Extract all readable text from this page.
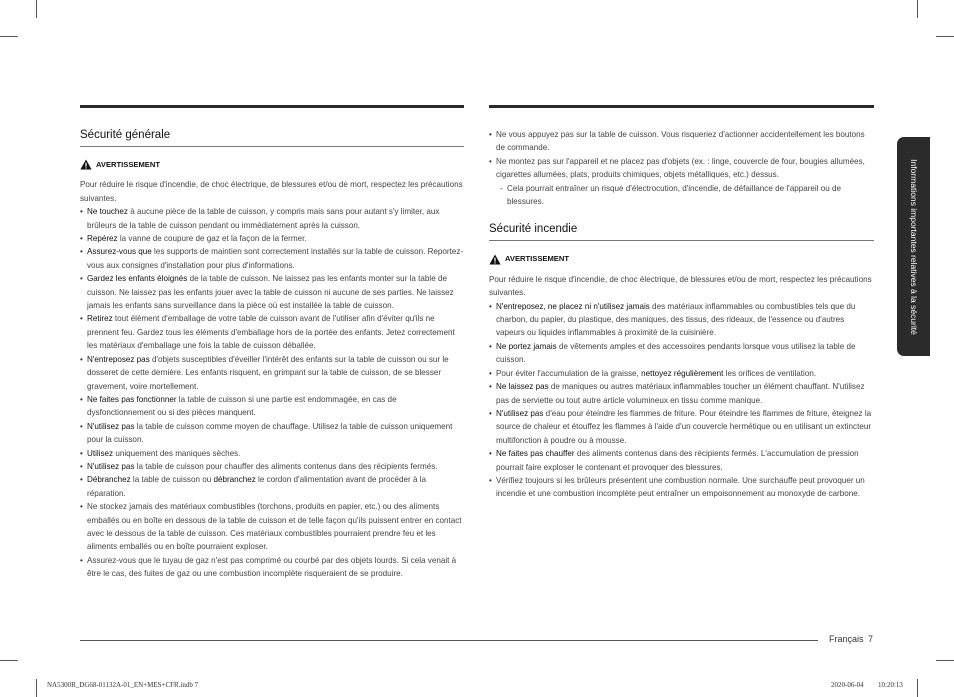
Sécurité générale
AVERTISSEMENT

Pour réduire le risque d'incendie, de choc électrique, de blessures et/ou de mort, respectez les précautions suivantes.

• Ne touchez à aucune pièce de la table de cuisson, y compris mais sans pour autant s'y limiter, aux brûleurs de la table de cuisson pendant ou immédiatement après la cuisson.
• Repérez la vanne de coupure de gaz et la façon de la fermer.
• Assurez-vous que les supports de maintien sont correctement installés sur la table de cuisson. Reportez-vous aux consignes d'installation pour plus d'informations.
• Gardez les enfants éloignés de la table de cuisson. Ne laissez pas les enfants monter sur la table de cuisson. Ne laissez pas les enfants jouer avec la table de cuisson ni aucune de ses parties. Ne laissez jamais les enfants sans surveillance dans la pièce où est installée la table de cuisson.
• Retirez tout élément d'emballage de votre table de cuisson avant de l'utiliser afin d'éviter qu'ils ne prennent feu. Gardez tous les éléments d'emballage hors de la portée des enfants. Jetez correctement les matériaux d'emballage une fois la table de cuisson déballée.
• N'entreposez pas d'objets susceptibles d'éveiller l'intérêt des enfants sur la table de cuisson ou sur le dosseret de cette dernière. Les enfants risquent, en grimpant sur la table de cuisson, de se blesser gravement, voire mortellement.
• Ne faites pas fonctionner la table de cuisson si une partie est endommagée, en cas de dysfonctionnement ou si des pièces manquent.
• N'utilisez pas la table de cuisson comme moyen de chauffage. Utilisez la table de cuisson uniquement pour la cuisson.
• Utilisez uniquement des maniques sèches.
• N'utilisez pas la table de cuisson pour chauffer des aliments contenus dans des récipients fermés.
• Débranchez la table de cuisson ou débranchez le cordon d'alimentation avant de procéder à la réparation.
• Ne stockez jamais des matériaux combustibles (torchons, produits en papier, etc.) ou des aliments emballés ou en boîte en dessous de la table de cuisson et de telle façon qu'ils puissent entrer en contact avec le dessous de la table de cuisson. Ces matériaux combustibles pourraient prendre feu et les aliments emballés ou en boîte pourraient exploser.
• Assurez-vous que le tuyau de gaz n'est pas comprimé ou courbé par des objets lourds. Si cela venait à être le cas, des fuites de gaz ou une combustion incomplète risqueraient de se produire.
• Ne vous appuyez pas sur la table de cuisson. Vous risqueriez d'actionner accidentellement les boutons de commande.
• Ne montez pas sur l'appareil et ne placez pas d'objets (ex. : linge, couvercle de four, bougies allumées, cigarettes allumées, plats, produits chimiques, objets métalliques, etc.) dessus.
- Cela pourrait entraîner un risque d'électrocution, d'incendie, de défaillance de l'appareil ou de blessures.
Sécurité incendie
AVERTISSEMENT

Pour réduire le risque d'incendie, de choc électrique, de blessures et/ou de mort, respectez les précautions suivantes.

• N'entreposez, ne placez ni n'utilisez jamais des matériaux inflammables ou combustibles tels que du charbon, du papier, du plastique, des maniques, des tissus, des rideaux, de l'essence ou d'autres vapeurs ou liquides inflammables à proximité de la cuisinière.
• Ne portez jamais de vêtements amples et des accessoires pendants lorsque vous utilisez la table de cuisson.
• Pour éviter l'accumulation de la graisse, nettoyez régulièrement les orifices de ventilation.
• Ne laissez pas de maniques ou autres matériaux inflammables toucher un élément chauffant. N'utilisez pas de serviette ou tout autre article volumineux en tissu comme manique.
• N'utilisez pas d'eau pour éteindre les flammes de friture. Pour éteindre les flammes de friture, éteignez la source de chaleur et étouffez les flammes à l'aide d'un couvercle hermétique ou en utilisant un extincteur multifonction à poudre ou à mousse.
• Ne faites pas chauffer des aliments contenus dans des récipients fermés. L'accumulation de pression pourrait faire exploser le contenant et provoquer des blessures.
• Vérifiez toujours si les brûleurs présentent une combustion normale. Une surchauffe peut provoquer un incendie et une combustion incomplète peut entraîner un empoisonnement au monoxyde de carbone.
Informations importantes relatives à la sécurité
Français 7
NA5300R_DG68-01132A-01_EN+MES+CFR.indb 7	2020-06-04 10:20:13
